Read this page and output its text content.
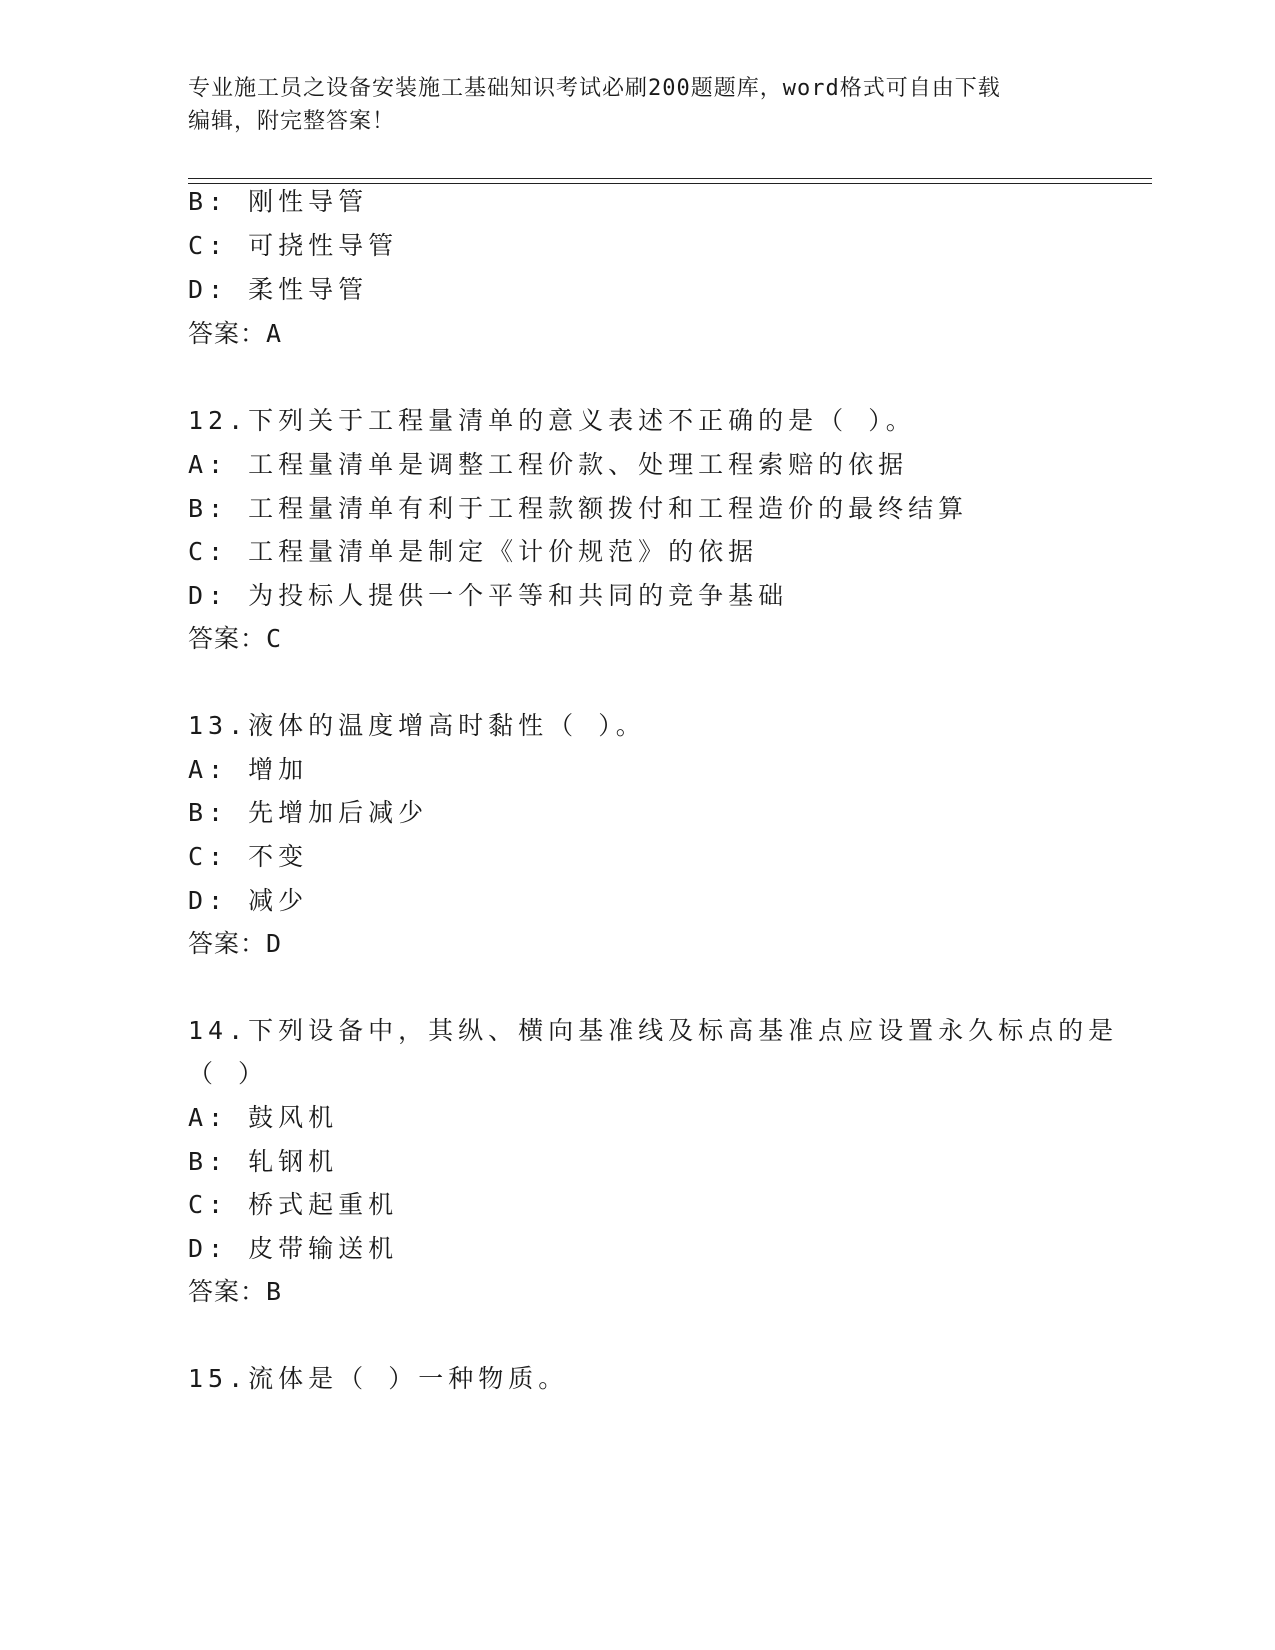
专业施工员之设备安装施工基础知识考试必刷200题题库，word格式可自由下载
编辑，附完整答案！
B: 刚性导管
C: 可挠性导管
D: 柔性导管
答案：A
12.下列关于工程量清单的意义表述不正确的是（ ）。
A: 工程量清单是调整工程价款、处理工程索赔的依据
B: 工程量清单有利于工程款额拨付和工程造价的最终结算
C: 工程量清单是制定《计价规范》的依据
D: 为投标人提供一个平等和共同的竞争基础
答案：C
13.液体的温度增高时黏性（ ）。
A: 增加
B: 先增加后减少
C: 不变
D: 减少
答案：D
14.下列设备中，其纵、横向基准线及标高基准点应设置永久标点的是
（ ）
A: 鼓风机
B: 轧钢机
C: 桥式起重机
D: 皮带输送机
答案：B
15.流体是（ ）一种物质。
